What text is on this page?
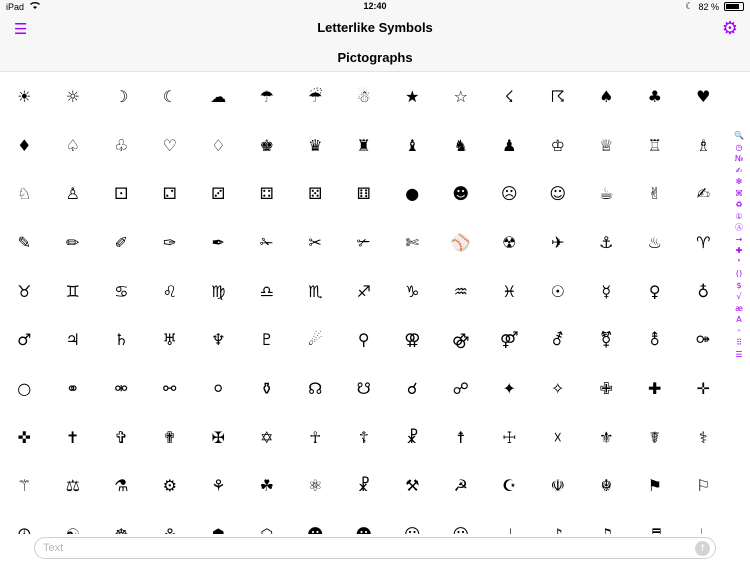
iPad	12:40	☾ 82 %
☰	Letterlike Symbols	⚙
Pictographs
☀	☼	☽	☾	☁	☂	☔	☃	★	☆	☇	☈	♠	♣	♥
♦	♤	♧	♡	♢	♚	♛	♜	♝	♞	♟	♔	♕	♖	♗
♘	♙	⚀	⚁	⚂	⚃	⚄	⚅	●	☻	☹	☺	☕	✌	✍
✎	✏	✐	✑	✒	✁	✂	✃	✄	⚾	☢	✈	⚓	♨	♈
♉	♊	♋	♌	♍	♎	♏	♐	♑	♒	♓	☉	☿	♀	♁
♂	♃	♄	♅	♆	♇	☄	⚲	⚢	⚣	⚤	⚦	⚧	⚨	⚩
○	⚭	⚮	⚯	⚪	⚱	☊	☋	☌	☍	✦	✧	✙	✚	✛
✜	✝	✞	✟	✠	✡	☥	☦	☧	☨	☩	☓	⚜	☤	⚕
⚚	⚖	⚗	⚙	⚘	☘	⚛	☧	⚒	☭	☪	☫	☬	⚑	⚐
🔍
◷
№
✍
✻
⌘
♻
①
Ⓐ
→
✚
❜
()
$
√
æ
A
⁺
⠿
☰
Text
↑
